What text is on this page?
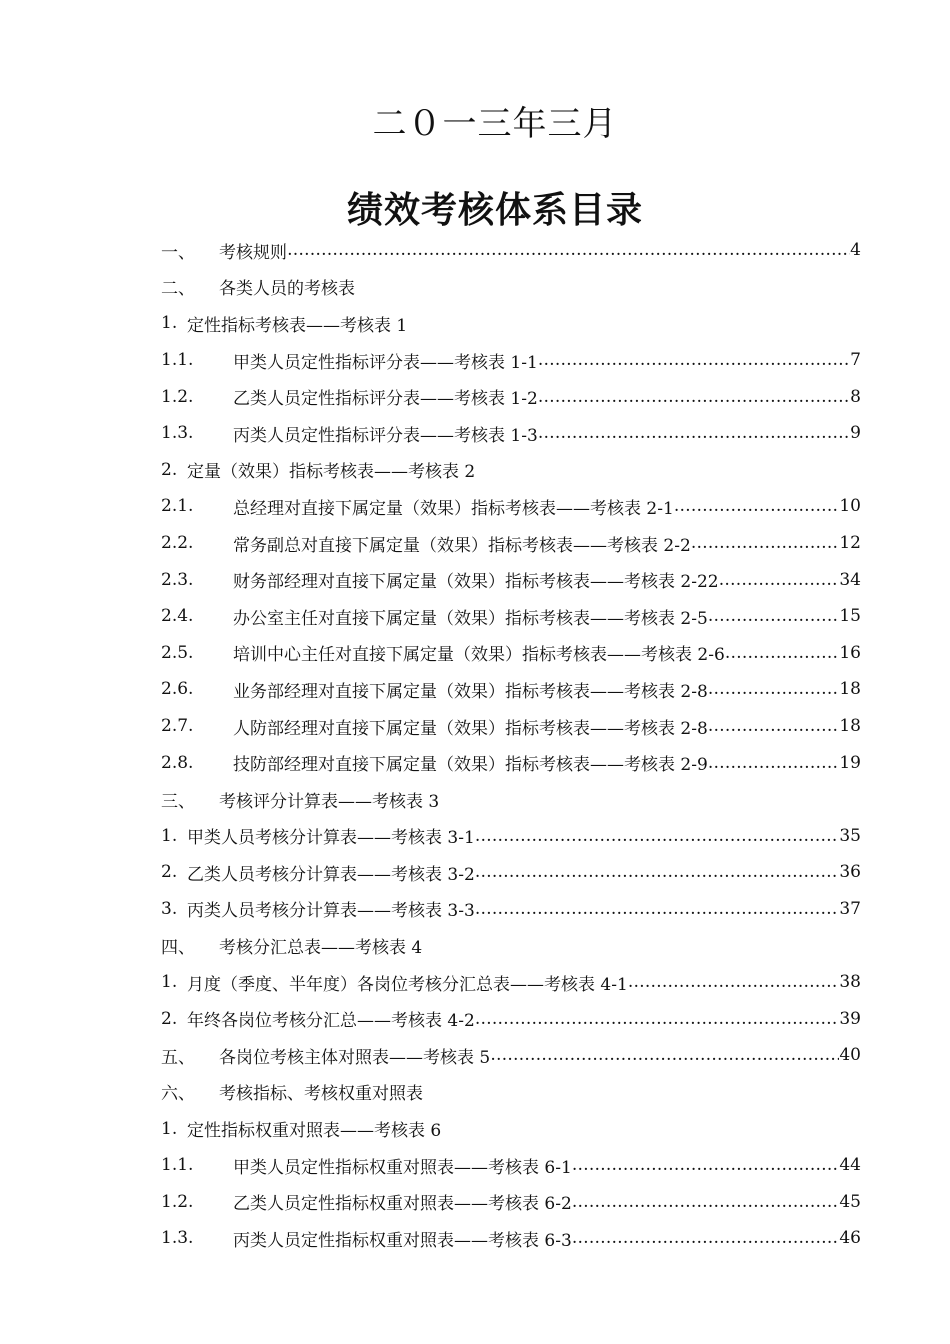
二０一三年三月
绩效考核体系目录
一、	考核规则 ……………………………………………………………………………………………………………………………………………………………………	4
二、	各类人员的考核表
1. 定性指标考核表——考核表 1
1.1.	甲类人员定性指标评分表——考核表 1-1 ……………………………………………………………………………………………………………………………………………………………………	7
1.2.	乙类人员定性指标评分表——考核表 1-2 ……………………………………………………………………………………………………………………………………………………………………	8
1.3.	丙类人员定性指标评分表——考核表 1-3 ……………………………………………………………………………………………………………………………………………………………………	9
2. 定量（效果）指标考核表——考核表 2
2.1.	总经理对直接下属定量（效果）指标考核表——考核表 2-1 ……………………………………………………………………………………………………………………………………………………………………	10
2.2.	常务副总对直接下属定量（效果）指标考核表——考核表 2-2 ……………………………………………………………………………………………………………………………………………………………………	12
2.3.	财务部经理对直接下属定量（效果）指标考核表——考核表 2-22 ……………………………………………………………………………………………………………………………………………………………………	34
2.4.	办公室主任对直接下属定量（效果）指标考核表——考核表 2-5 ……………………………………………………………………………………………………………………………………………………………………	15
2.5.	培训中心主任对直接下属定量（效果）指标考核表——考核表 2-6 ……………………………………………………………………………………………………………………………………………………………………	16
2.6.	业务部经理对直接下属定量（效果）指标考核表——考核表 2-8 ……………………………………………………………………………………………………………………………………………………………………	18
2.7.	人防部经理对直接下属定量（效果）指标考核表——考核表 2-8 ……………………………………………………………………………………………………………………………………………………………………	18
2.8.	技防部经理对直接下属定量（效果）指标考核表——考核表 2-9 ……………………………………………………………………………………………………………………………………………………………………	19
三、	考核评分计算表——考核表 3
1. 甲类人员考核分计算表——考核表 3-1 ……………………………………………………………………………………………………………………………………………………………………	35
2. 乙类人员考核分计算表——考核表 3-2 ……………………………………………………………………………………………………………………………………………………………………	36
3. 丙类人员考核分计算表——考核表 3-3 ……………………………………………………………………………………………………………………………………………………………………	37
四、	考核分汇总表——考核表 4
1. 月度（季度、半年度）各岗位考核分汇总表——考核表 4-1 ……………………………………………………………………………………………………………………………………………………………………	38
2. 年终各岗位考核分汇总——考核表 4-2 ……………………………………………………………………………………………………………………………………………………………………	39
五、	各岗位考核主体对照表——考核表 5 ……………………………………………………………………………………………………………………………………………………………………	40
六、	考核指标、考核权重对照表
1. 定性指标权重对照表——考核表 6
1.1.	甲类人员定性指标权重对照表——考核表 6-1 ……………………………………………………………………………………………………………………………………………………………………	44
1.2.	乙类人员定性指标权重对照表——考核表 6-2 ……………………………………………………………………………………………………………………………………………………………………	45
1.3.	丙类人员定性指标权重对照表——考核表 6-3 ……………………………………………………………………………………………………………………………………………………………………	46
